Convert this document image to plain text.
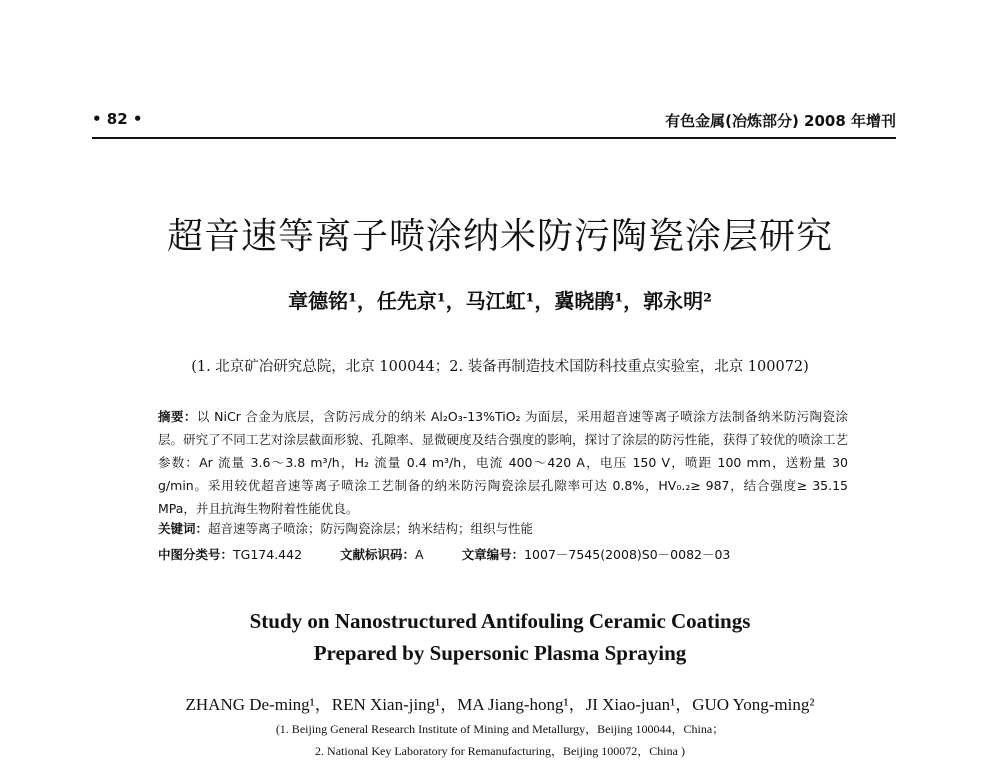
• 82 •	有色金属(冶炼部分) 2008 年增刊
超音速等离子喷涂纳米防污陶瓷涂层研究
章德铭¹，任先京¹，马江虹¹，冀晓鹃¹，郭永明²
(1. 北京矿冶研究总院，北京 100044；2. 装备再制造技术国防科技重点实验室，北京 100072)
摘要：以 NiCr 合金为底层，含防污成分的纳米 Al₂O₃-13%TiO₂ 为面层，采用超音速等离子喷涂方法制备纳米防污陶瓷涂层。研究了不同工艺对涂层截面形貌、孔隙率、显微硬度及结合强度的影响，探讨了涂层的防污性能，获得了较优的喷涂工艺参数：Ar 流量 3.6～3.8 m³/h，H₂ 流量 0.4 m³/h，电流 400～420 A，电压 150 V，喷距 100 mm，送粉量 30 g/min。采用较优超音速等离子喷涂工艺制备的纳米防污陶瓷涂层孔隙率可达 0.8%，HV₀.₂≥ 987，结合强度≥ 35.15 MPa，并且抗海生物附着性能优良。
关键词：超音速等离子喷涂；防污陶瓷涂层；纳米结构；组织与性能
中图分类号：TG174.442	文献标识码：A	文章编号：1007－7545(2008)S0－0082－03
Study on Nanostructured Antifouling Ceramic Coatings
Prepared by Supersonic Plasma Spraying
ZHANG De-ming¹，REN Xian-jing¹，MA Jiang-hong¹，JI Xiao-juan¹，GUO Yong-ming²
(1. Beijing General Research Institute of Mining and Metallurgy，Beijing 100044，China；
2. National Key Laboratory for Remanufacturing，Beijing 100072，China )
